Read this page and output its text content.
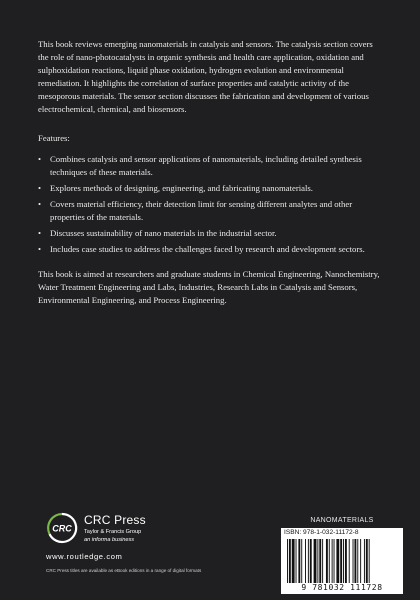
This book reviews emerging nanomaterials in catalysis and sensors. The catalysis section covers the role of nano-photocatalysts in organic synthesis and health care application, oxidation and sulphoxidation reactions, liquid phase oxidation, hydrogen evolution and environmental remediation. It highlights the correlation of surface properties and catalytic activity of the mesoporous materials. The sensor section discusses the fabrication and development of various electrochemical, chemical, and biosensors.

Features:
• Combines catalysis and sensor applications of nanomaterials, including detailed synthesis techniques of these materials.
• Explores methods of designing, engineering, and fabricating nanomaterials.
• Covers material efficiency, their detection limit for sensing different analytes and other properties of the materials.
• Discusses sustainability of nano materials in the industrial sector.
• Includes case studies to address the challenges faced by research and development sectors.

This book is aimed at researchers and graduate students in Chemical Engineering, Nanochemistry, Water Treatment Engineering and Labs, Industries, Research Labs in Catalysis and Sensors, Environmental Engineering, and Process Engineering.

CRC
CRC Press
Taylor & Francis Group
an informa business
www.routledge.com
CRC Press titles are available as eBook editions in a range of digital formats
NANOMATERIALS
ISBN: 978-1-032-11172-8
9 781032 111728
